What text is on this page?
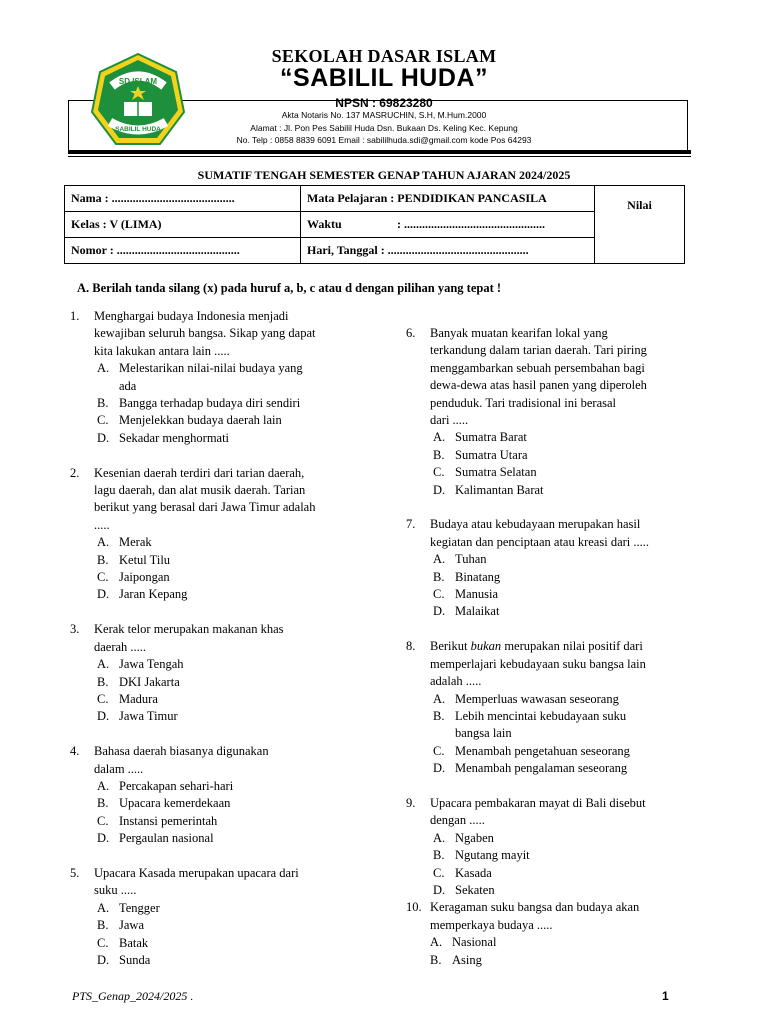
SD ISLAM
SABILIL HUDA
SEKOLAH DASAR ISLAM
“SABILIL HUDA”
NPSN : 69823280
Akta Notaris No. 137 MASRUCHIN, S.H, M.Hum.2000
Alamat : Jl. Pon Pes Sabilil Huda Dsn. Bukaan Ds. Keling Kec. Kepung
No. Telp : 0858 8839 6091 Email : sabililhuda.sdi@gmail.com kode Pos 64293
SUMATIF TENGAH SEMESTER GENAP TAHUN AJARAN 2024/2025
Nama : .........................................	Mata Pelajaran : PENDIDIKAN PANCASILA	Nilai
Kelas : V (LIMA)	Waktu : ...............................................	
Nomor : .........................................	Hari, Tanggal : ...............................................	
A. Berilah tanda silang (x) pada huruf a, b, c atau d dengan pilihan yang tepat !
1.	Menghargai budaya Indonesia menjadi
kewajiban seluruh bangsa. Sikap yang dapat
kita lakukan antara lain .....
A. Melestarikan nilai-nilai budaya yang
ada
B. Bangga terhadap budaya diri sendiri
C. Menjelekkan budaya daerah lain
D. Sekadar menghormati
2.	Kesenian daerah terdiri dari tarian daerah,
lagu daerah, dan alat musik daerah. Tarian
berikut yang berasal dari Jawa Timur adalah
.....
A. Merak
B. Ketul Tilu
C. Jaipongan
D. Jaran Kepang
3.	Kerak telor merupakan makanan khas
daerah .....
A. Jawa Tengah
B. DKI Jakarta
C. Madura
D. Jawa Timur
4.	Bahasa daerah biasanya digunakan
dalam .....
A. Percakapan sehari-hari
B. Upacara kemerdekaan
C. Instansi pemerintah
D. Pergaulan nasional
5.	Upacara Kasada merupakan upacara dari
suku .....
A. Tengger
B. Jawa
C. Batak
D. Sunda
6.	Banyak muatan kearifan lokal yang
terkandung dalam tarian daerah. Tari piring
menggambarkan sebuah persembahan bagi
dewa-dewa atas hasil panen yang diperoleh
penduduk. Tari tradisional ini berasal
dari .....
A. Sumatra Barat
B. Sumatra Utara
C. Sumatra Selatan
D. Kalimantan Barat
7.	Budaya atau kebudayaan merupakan hasil
kegiatan dan penciptaan atau kreasi dari .....
A. Tuhan
B. Binatang
C. Manusia
D. Malaikat
8.	Berikut bukan merupakan nilai positif dari
memperlajari kebudayaan suku bangsa lain
adalah .....
A. Memperluas wawasan seseorang
B. Lebih mencintai kebudayaan suku
bangsa lain
C. Menambah pengetahuan seseorang
D. Menambah pengalaman seseorang
9.	Upacara pembakaran mayat di Bali disebut
dengan .....
A. Ngaben
B. Ngutang mayit
C. Kasada
D. Sekaten
10. Keragaman suku bangsa dan budaya akan
memperkaya budaya .....
A. Nasional
B. Asing
PTS_Genap_2024/2025 .	1
